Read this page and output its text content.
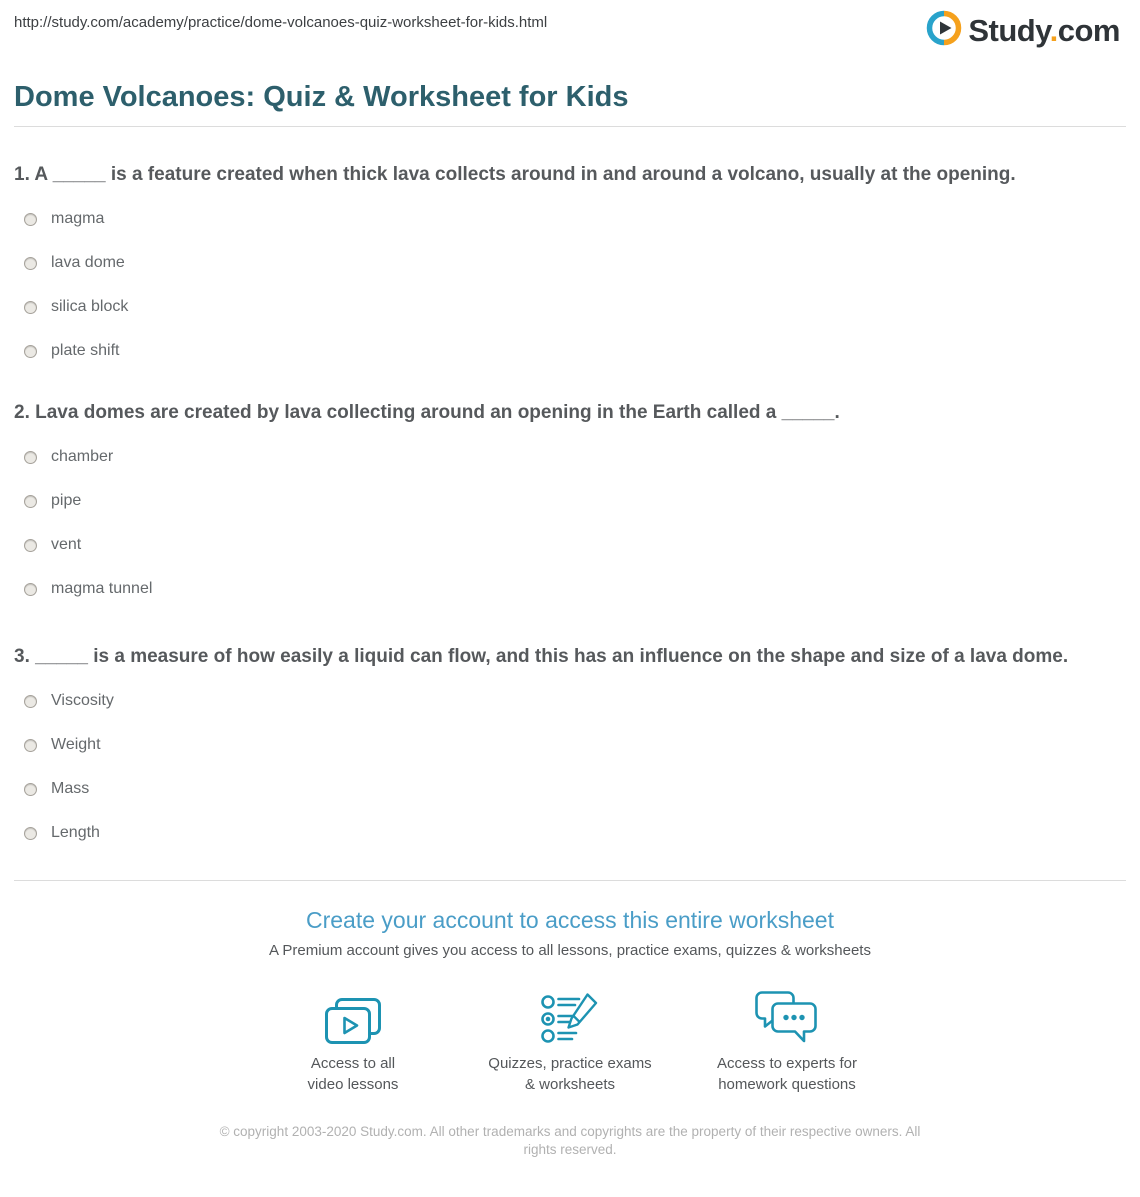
http://study.com/academy/practice/dome-volcanoes-quiz-worksheet-for-kids.html	Study.com
Dome Volcanoes: Quiz & Worksheet for Kids

1. A _____ is a feature created when thick lava collects around in and around a volcano, usually at the opening.

magma
lava dome
silica block
plate shift

2. Lava domes are created by lava collecting around an opening in the Earth called a _____.

chamber
pipe
vent
magma tunnel

3. _____ is a measure of how easily a liquid can flow, and this has an influence on the shape and size of a lava dome.

Viscosity
Weight
Mass
Length
Create your account to access this entire worksheet
A Premium account gives you access to all lessons, practice exams, quizzes & worksheets
Access to all
video lessons
Quizzes, practice exams
& worksheets
Access to experts for
homework questions
© copyright 2003-2020 Study.com. All other trademarks and copyrights are the property of their respective owners. All rights reserved.
